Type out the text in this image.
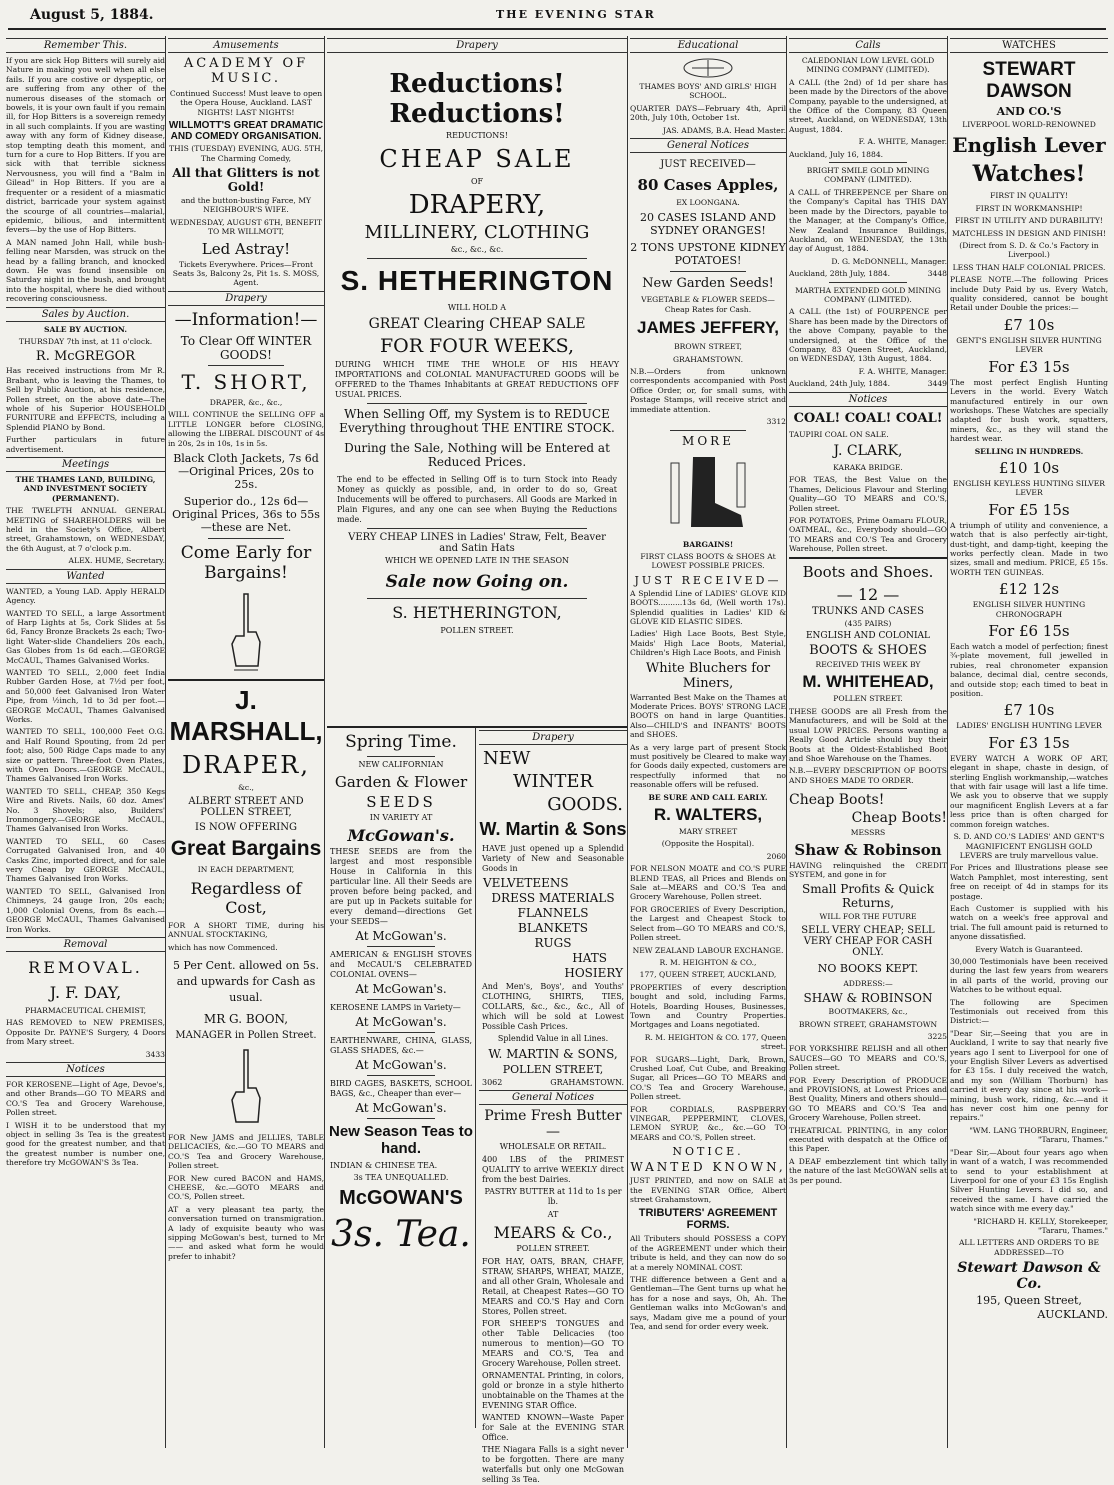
August 5, 1884.	THE EVENING STAR
Remember This.

If you are sick Hop Bitters will surely aid Nature in making you well when all else fails. If you are costive or dyspeptic, or are suffering from any other of the numerous diseases of the stomach or bowels, it is your own fault if you remain ill, for Hop Bitters is a sovereign remedy in all such complaints. If you are wasting away with any form of Kidney disease, stop tempting death this moment, and turn for a cure to Hop Bitters. If you are sick with that terrible sickness Nervousness, you will find a "Balm in Gilead" in Hop Bitters. If you are a frequenter or a resident of a miasmatic district, barricade your system against the scourge of all countries—malarial, epidemic, bilious, and intermittent fevers—by the use of Hop Bitters.

A MAN named John Hall, while bush-felling near Marsden, was struck on the head by a falling branch, and knocked down. He was found insensible on Saturday night in the bush, and brought into the hospital, where he died without recovering consciousness.

Sales by Auction.

SALE BY AUCTION.

THURSDAY 7th inst, at 11 o'clock.

R. McGREGOR

Has received instructions from Mr R. Brabant, who is leaving the Thames, to Sell by Public Auction, at his residence, Pollen street, on the above date—The whole of his Superior HOUSEHOLD FURNITURE and EFFECTS, including a Splendid PIANO by Bond.

Further particulars in future advertisement.

Meetings

THE THAMES LAND, BUILDING, AND INVESTMENT SOCIETY (PERMANENT).

THE TWELFTH ANNUAL GENERAL MEETING of SHAREHOLDERS will be held in the Society's Office, Albert street, Grahamstown, on WEDNESDAY, the 6th August, at 7 o'clock p.m.

ALEX. HUME, Secretary.

Wanted

WANTED, a Young LAD. Apply HERALD Agency.

WANTED TO SELL, a large Assortment of Harp Lights at 5s, Cork Slides at 5s 6d, Fancy Bronze Brackets 2s each; Two-light Water-slide Chandeliers 20s each, Gas Globes from 1s 6d each.—GEORGE McCAUL, Thames Galvanised Works.

WANTED TO SELL, 2,000 feet India Rubber Garden Hose, at 7½d per foot, and 50,000 feet Galvanised Iron Water Pipe, from ½inch, 1d to 3d per foot.—GEORGE McCAUL, Thames Galvanised Works.

WANTED TO SELL, 100,000 Feet O.G. and Half Round Spouting, from 2d per foot; also, 500 Ridge Caps made to any size or pattern. Three-foot Oven Plates, with Oven Doors.—GEORGE McCAUL, Thames Galvanised Iron Works.

WANTED TO SELL, CHEAP, 350 Kegs Wire and Rivets. Nails, 60 doz. Ames' No. 3 Shovels; also, Builders' Ironmongery.—GEORGE McCAUL, Thames Galvanised Iron Works.

WANTED TO SELL, 60 Cases Corrugated Galvanised Iron, and 40 Casks Zinc, imported direct, and for sale very Cheap by GEORGE McCAUL, Thames Galvanised Iron Works.

WANTED TO SELL, Galvanised Iron Chimneys, 24 gauge Iron, 20s each; 1,000 Colonial Ovens, from 8s each.—GEORGE McCAUL, Thames Galvanised Iron Works.

Removal

REMOVAL.

J. F. DAY,

PHARMACEUTICAL CHEMIST,

HAS REMOVED to NEW PREMISES, Opposite Dr. PAYNE'S Surgery, 4 Doors from Mary street.

3433

Notices

FOR KEROSENE—Light of Age, Devoe's, and other Brands—GO TO MEARS and CO.'S Tea and Grocery Warehouse, Pollen street.

I WISH it to be understood that my object in selling 3s Tea is the greatest good for the greatest number, and that the greatest number is number one, therefore try McGOWAN'S 3s Tea.

Amusements

ACADEMY OF MUSIC.

Continued Success! Must leave to open the Opera House, Auckland. LAST NIGHTS! LAST NIGHTS!

WILLMOTT'S GREAT DRAMATIC AND COMEDY ORGANISATION.

THIS (TUESDAY) EVENING, AUG. 5TH, The Charming Comedy,

All that Glitters is not Gold!

and the button-busting Farce, MY NEIGHBOUR'S WIFE.

WEDNESDAY, AUGUST 6TH, BENEFIT TO MR WILLMOTT,

Led Astray!

Tickets Everywhere. Prices—Front Seats 3s, Balcony 2s, Pit 1s. S. MOSS, Agent.

Drapery

—Information!—

To Clear Off WINTER GOODS!

T. SHORT,

DRAPER, &c., &c.,

WILL CONTINUE the SELLING OFF a LITTLE LONGER before CLOSING, allowing the LIBERAL DISCOUNT of 4s in 20s, 2s in 10s, 1s in 5s.

Black Cloth Jackets, 7s 6d—Original Prices, 20s to 25s.

Superior do., 12s 6d—Original Prices, 36s to 55s—these are Net.

Come Early for Bargains!

J. MARSHALL,

DRAPER,

&c.,

ALBERT STREET AND POLLEN STREET,

IS NOW OFFERING

Great Bargains

IN EACH DEPARTMENT,

Regardless of Cost,

FOR A SHORT TIME, during his ANNUAL STOCKTAKING,

which has now Commenced.

5 Per Cent. allowed on 5s. and upwards for Cash as usual.

MR G. BOON,

MANAGER in Pollen Street.

FOR New JAMS and JELLIES, TABLE DELICACIES, &c.—GO TO MEARS and CO.'S Tea and Grocery Warehouse, Pollen street.

FOR New cured BACON and HAMS, CHEESE, &c.—GOTO MEARS and CO.'S, Pollen street.

AT a very pleasant tea party, the conversation turned on transmigration. A lady of exquisite beauty who was sipping McGowan's best, turned to Mr —— and asked what form he would prefer to inhabit?

Drapery

Reductions! Reductions!

REDUCTIONS!

CHEAP SALE

OF

DRAPERY,

MILLINERY, CLOTHING

&c., &c., &c.

S. HETHERINGTON

WILL HOLD A

GREAT Clearing CHEAP SALE

FOR FOUR WEEKS,

DURING WHICH TIME THE WHOLE OF HIS HEAVY IMPORTATIONS and COLONIAL MANUFACTURED GOODS will be OFFERED to the Thames Inhabitants at GREAT REDUCTIONS OFF USUAL PRICES.

When Selling Off, my System is to REDUCE Everything throughout THE ENTIRE STOCK.

During the Sale, Nothing will be Entered at Reduced Prices.

The end to be effected in Selling Off is to turn Stock into Ready Money as quickly as possible, and, in order to do so, Great Inducements will be offered to purchasers. All Goods are Marked in Plain Figures, and any one can see when Buying the Reductions made.

VERY CHEAP LINES in Ladies' Straw, Felt, Beaver and Satin Hats

WHICH WE OPENED LATE IN THE SEASON

Sale now Going on.

S. HETHERINGTON,

POLLEN STREET.

Spring Time.

NEW CALIFORNIAN

Garden & Flower

SEEDS

IN VARIETY AT

McGowan's.

THESE SEEDS are from the largest and most responsible House in California in this particular line. All their Seeds are proven before being packed, and are put up in Packets suitable for every demand—directions Get your SEEDS—

At McGowan's.

AMERICAN & ENGLISH STOVES and McCAUL'S CELEBRATED COLONIAL OVENS—

At McGowan's.

KEROSENE LAMPS in Variety—

At McGowan's.

EARTHENWARE, CHINA, GLASS, GLASS SHADES, &c.—

At McGowan's.

BIRD CAGES, BASKETS, SCHOOL BAGS, &c., Cheaper than ever—

At McGowan's.

New Season Teas to hand.

INDIAN & CHINESE TEA.

3s TEA UNEQUALLED.

McGOWAN'S

3s. Tea.

Drapery

NEW

WINTER

GOODS.

W. Martin & Sons

HAVE just opened up a Splendid Variety of New and Seasonable Goods in

VELVETEENS

DRESS MATERIALS

FLANNELS

BLANKETS

RUGS

HATS

HOSIERY

And Men's, Boys', and Youths' CLOTHING, SHIRTS, TIES, COLLARS, &c., &c., &c., All of which will be sold at Lowest Possible Cash Prices.

Splendid Value in all Lines.

W. MARTIN & SONS,

POLLEN STREET,

3062	GRAHAMSTOWN.

General Notices

Prime Fresh Butter—

WHOLESALE OR RETAIL.

400 LBS of the PRIMEST QUALITY to arrive WEEKLY direct from the best Dairies.

PASTRY BUTTER at 11d to 1s per lb.

AT

MEARS & Co.,

POLLEN STREET.

FOR HAY, OATS, BRAN, CHAFF, STRAW, SHARPS, WHEAT, MAIZE, and all other Grain, Wholesale and Retail, at Cheapest Rates—GO TO MEARS and CO.'S Hay and Corn Stores, Pollen street.

FOR SHEEP'S TONGUES and other Table Delicacies (too numerous to mention)—GO TO MEARS and CO.'S, Tea and Grocery Warehouse, Pollen street.

ORNAMENTAL Printing, in colors, gold or bronze in a style hitherto unobtainable on the Thames at the EVENING STAR Office.

WANTED KNOWN—Waste Paper for Sale at the EVENING STAR Office.

THE Niagara Falls is a sight never to be forgotten. There are many waterfalls but only one McGowan selling 3s Tea.

Educational

THAMES BOYS' AND GIRLS' HIGH SCHOOL.

QUARTER DAYS—February 4th, April 20th, July 10th, October 1st.

JAS. ADAMS, B.A. Head Master.

General Notices

JUST RECEIVED—

80 Cases Apples,

EX LOONGANA.

20 CASES ISLAND AND SYDNEY ORANGES!

2 TONS UPSTONE KIDNEY POTATOES!

New Garden Seeds!

VEGETABLE & FLOWER SEEDS—Cheap Rates for Cash.

JAMES JEFFERY,

BROWN STREET,

GRAHAMSTOWN.

N.B.—Orders from unknown correspondents accompanied with Post Office Order, or, for small sums, with Postage Stamps, will receive strict and immediate attention.

3312

MORE

BARGAINS!

FIRST CLASS BOOTS & SHOES At LOWEST POSSIBLE PRICES.

JUST RECEIVED—

A Splendid Line of LADIES' GLOVE KID BOOTS..........13s 6d, (Well worth 17s). Splendid qualities in Ladies' KID & GLOVE KID ELASTIC SIDES.

Ladies' High Lace Boots, Best Style, Maids' High Lace Boots, Material, Children's High Lace Boots, and Finish

White Bluchers for Miners,

Warranted Best Make on the Thames at Moderate Prices. BOYS' STRONG LACE BOOTS on hand in large Quantities. Also—CHILD'S and INFANTS' BOOTS and SHOES.

As a very large part of present Stock must positively be Cleared to make way for Goods daily expected, customers are respectfully informed that no reasonable offers will be refused.

BE SURE AND CALL EARLY.

R. WALTERS,

MARY STREET

(Opposite the Hospital).

2060

FOR NELSON MOATE and CO.'S PURE BLEND TEAS, all Prices and Blends on Sale at—MEARS and CO.'S Tea and Grocery Warehouse, Pollen street.

FOR GROCERIES of Every Description, the Largest and Cheapest Stock to Select from—GO TO MEARS and CO.'S, Pollen street.

NEW ZEALAND LABOUR EXCHANGE.

R. M. HEIGHTON & CO.,

177, QUEEN STREET, AUCKLAND,

PROPERTIES of every description bought and sold, including Farms, Hotels, Boarding Houses, Businesses, Town and Country Properties. Mortgages and Loans negotiated.

R. M. HEIGHTON & CO. 177, Queen street.

FOR SUGARS—Light, Dark, Brown, Crushed Loaf, Cut Cube, and Breaking Sugar, all Prices—GO TO MEARS and CO.'S Tea and Grocery Warehouse, Pollen street.

FOR CORDIALS, RASPBERRY VINEGAR, PEPPERMINT, CLOVES, LEMON SYRUP, &c., &c.—GO TO MEARS and CO.'S, Pollen street.

NOTICE.

WANTED KNOWN,

JUST PRINTED, and now on SALE at the EVENING STAR Office, Albert street Grahamstown,

TRIBUTERS' AGREEMENT FORMS.

All Tributers should POSSESS a COPY of the AGREEMENT under which their tribute is held, and they can now do so at a merely NOMINAL COST.

THE difference between a Gent and a Gentleman—The Gent turns up what he has for a nose and says, Oh, Ah. The Gentleman walks into McGowan's and says, Madam give me a pound of your Tea, and send for order every week.

Calls

CALEDONIAN LOW LEVEL GOLD MINING COMPANY (LIMITED).

A CALL (the 2nd) of 1d per share has been made by the Directors of the above Company, payable to the undersigned, at the Office of the Company, 83 Queen street, Auckland, on WEDNESDAY, 13th August, 1884.

F. A. WHITE, Manager.

Auckland, July 16, 1884.

BRIGHT SMILE GOLD MINING COMPANY (LIMITED).

A CALL of THREEPENCE per Share on the Company's Capital has THIS DAY been made by the Directors, payable to the Manager, at the Company's Office, New Zealand Insurance Buildings, Auckland, on WEDNESDAY, the 13th day of August, 1884.

D. G. McDONNELL, Manager.

Auckland, 28th July, 1884.	3448

MARTHA EXTENDED GOLD MINING COMPANY (LIMITED).

A CALL (the 1st) of FOURPENCE per Share has been made by the Directors of the above Company, payable to the undersigned, at the Office of the Company, 83 Queen Street, Auckland, on WEDNESDAY, 13th August, 1884.

F. A. WHITE, Manager.

Auckland, 24th July, 1884.	3449

Notices

COAL! COAL! COAL!

TAUPIRI COAL ON SALE.

J. CLARK,

KARAKA BRIDGE.

FOR TEAS, the Best Value on the Thames, Delicious Flavour and Sterling Quality—GO TO MEARS and CO.'S, Pollen street.

FOR POTATOES, Prime Oamaru FLOUR, OATMEAL, &c., Everybody should—GO TO MEARS and CO.'S Tea and Grocery Warehouse, Pollen street.

Boots and Shoes.

— 12 —

TRUNKS AND CASES

(435 PAIRS)

ENGLISH AND COLONIAL

BOOTS & SHOES

RECEIVED THIS WEEK BY

M. WHITEHEAD,

POLLEN STREET.

THESE GOODS are all Fresh from the Manufacturers, and will be Sold at the usual LOW PRICES. Persons wanting a Really Good Article should buy their Boots at the Oldest-Established Boot and Shoe Warehouse on the Thames.

N.B.—EVERY DESCRIPTION OF BOOTS AND SHOES MADE TO ORDER.

Cheap Boots!

Cheap Boots!

MESSRS

Shaw & Robinson

HAVING relinquished the CREDIT SYSTEM, and gone in for

Small Profits & Quick Returns,

WILL FOR THE FUTURE

SELL VERY CHEAP; SELL VERY CHEAP FOR CASH ONLY.

NO BOOKS KEPT.

ADDRESS:—

SHAW & ROBINSON

BOOTMAKERS, &c.,

BROWN STREET, GRAHAMSTOWN

3225

FOR YORKSHIRE RELISH and all other SAUCES—GO TO MEARS and CO.'S, Pollen street.

FOR Every Description of PRODUCE and PROVISIONS, at Lowest Prices and Best Quality, Miners and others should—GO TO MEARS and CO.'S Tea and Grocery Warehouse, Pollen street.

THEATRICAL PRINTING, in any color executed with despatch at the Office of this Paper.

A DEAF embezzlement tint which tally the nature of the last McGOWAN sells at 3s per pound.

WATCHES

STEWART DAWSON

AND CO.'S

LIVERPOOL WORLD-RENOWNED

English Lever

Watches!

FIRST IN QUALITY!

FIRST IN WORKMANSHIP!

FIRST IN UTILITY AND DURABILITY!

MATCHLESS IN DESIGN AND FINISH!

(Direct from S. D. & Co.'s Factory in Liverpool.)

LESS THAN HALF COLONIAL PRICES.

PLEASE NOTE.—The following Prices include Duty Paid by us. Every Watch, quality considered, cannot be bought Retail under Double the prices:—

£7 10s

GENT'S ENGLISH SILVER HUNTING LEVER

For £3 15s

The most perfect English Hunting Levers in the world. Every Watch manufactured entirely in our own workshops. These Watches are specially adapted for bush work, squatters, miners, &c., as they will stand the hardest wear.

SELLING IN HUNDREDS.

£10 10s

ENGLISH KEYLESS HUNTING SILVER LEVER

For £5 15s

A triumph of utility and convenience, a watch that is also perfectly air-tight, dust-tight, and damp-tight, keeping the works perfectly clean. Made in two sizes, small and medium. PRICE, £5 15s. WORTH TEN GUINEAS.

£12 12s

ENGLISH SILVER HUNTING CHRONOGRAPH

For £6 15s

Each watch a model of perfection; finest ¾-plate movement, full jewelled in rubies, real chronometer expansion balance, decimal dial, centre seconds, and outside stop; each timed to beat in position.

£7 10s

LADIES' ENGLISH HUNTING LEVER

For £3 15s

EVERY WATCH A WORK OF ART, elegant in shape, chaste in design, of sterling English workmanship,—watches that with fair usage will last a life time. We ask you to observe that we supply our magnificent English Levers at a far less price than is often charged for common foreign watches.

S. D. AND CO.'S LADIES' AND GENT'S MAGNIFICENT ENGLISH GOLD LEVERS are truly marvellous value.

For Prices and Illustrations please see Watch Pamphlet, most interesting, sent free on receipt of 4d in stamps for its postage.

Each Customer is supplied with his watch on a week's free approval and trial. The full amount paid is returned to anyone dissatisfied.

Every Watch is Guaranteed.

30,000 Testimonials have been received during the last few years from wearers in all parts of the world, proving our Watches to be without equal.

The following are Specimen Testimonials out received from this District:—

"Dear Sir,—Seeing that you are in Auckland, I write to say that nearly five years ago I sent to Liverpool for one of your English Silver Levers as advertised for £3 15s. I duly received the watch, and my son (William Thorburn) has carried it every day since at his work—mining, bush work, riding, &c.—and it has never cost him one penny for repairs."

"WM. LANG THORBURN, Engineer, "Tararu, Thames."

"Dear Sir,—About four years ago when in want of a watch, I was recommended to send to your establishment at Liverpool for one of your £3 15s English Silver Hunting Levers. I did so, and received the same. I have carried the watch since with me every day."

"RICHARD H. KELLY, Storekeeper, "Tararu, Thames."

ALL LETTERS AND ORDERS TO BE ADDRESSED—TO

Stewart Dawson & Co.

195, Queen Street,

AUCKLAND.
